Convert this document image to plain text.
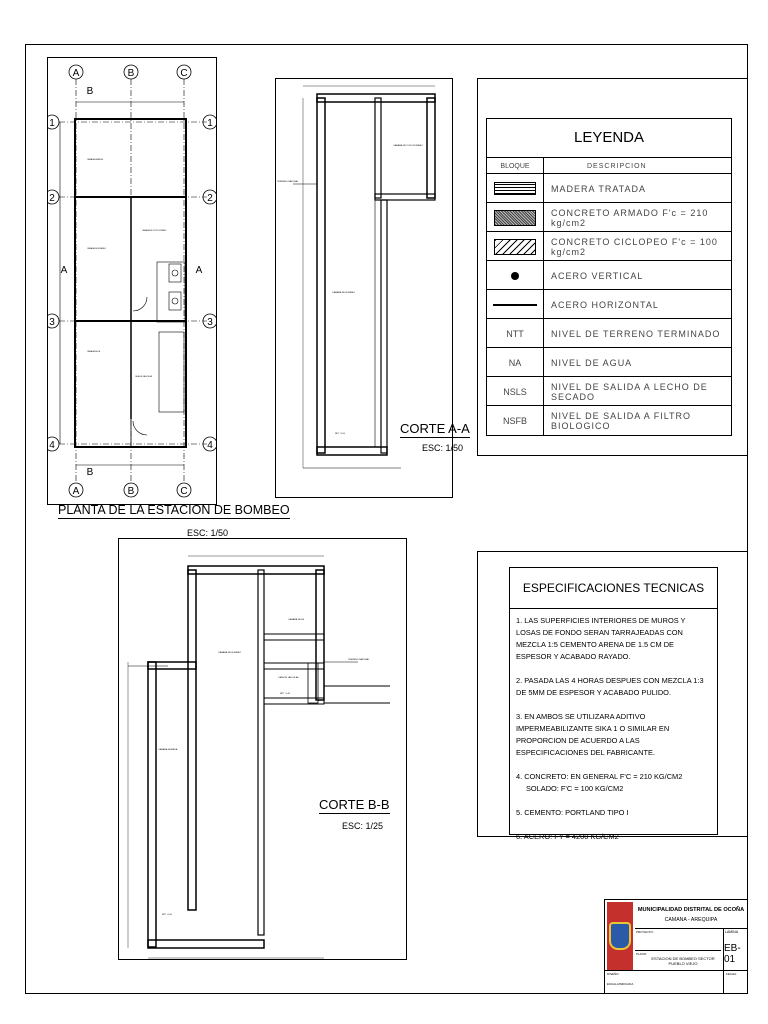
CAMARA HUMEDA
CAMARA DE BOMBEO
CAMARA SECA
CAJA DE VALVULAS
CAMARA DE POZO BOMBEO
A	B	C
A	B	C
1
2
3
4
1
2
3
4
A	A
B
B
PLANTA DE LA ESTACION DE BOMBEO
ESC: 1/50
CAMARA DE BOMBEO
CAMARA DE POZO BOMBEO
TERRENO NATURAL
NPT -2.00	CORTE A-A
ESC: 1/50
LEYENDA
BLOQUE	DESCRIPCION
MADERA TRATADA
CONCRETO ARMADO F'c = 210 kg/cm2
CONCRETO CICLOPEO F'c = 100 kg/cm2
ACERO VERTICAL
ACERO HORIZONTAL
NTT	NIVEL DE TERRENO TERMINADO
NA	NIVEL DE AGUA
NSLS	NIVEL DE SALIDA A LECHO DE SECADO
NSFB	NIVEL DE SALIDA A FILTRO BIOLOGICO
CAMARA HUMEDA
CAMARA DE BOMBEO
CAMARA SECA
CAJA DE VALVULAS
TERRENO NATURAL
NPT -2.00
NPT -1.40
CORTE B-B
ESC: 1/25
ESPECIFICACIONES TECNICAS

1. LAS SUPERFICIES INTERIORES DE MUROS Y LOSAS DE FONDO SERAN TARRAJEADAS CON MEZCLA 1:5 CEMENTO ARENA DE 1.5 CM DE ESPESOR Y ACABADO RAYADO.

2. PASADA LAS 4 HORAS DESPUES CON MEZCLA 1:3 DE 5MM DE ESPESOR Y ACABADO PULIDO.

3. EN AMBOS SE UTILIZARA ADITIVO IMPERMEABILIZANTE SIKA 1 O SIMILAR EN PROPORCION DE ACUERDO A LAS ESPECIFICACIONES DEL FABRICANTE.

4. CONCRETO: EN GENERAL F'C = 210 KG/CM2

SOLADO: F'C = 100 KG/CM2

5. CEMENTO: PORTLAND TIPO I

6. ACERO: FY = 4200 KG/CM2

MUNICIPALIDAD DISTRITAL DE OCOÑA
CAMANA - AREQUIPA
PROYECTO:	LAMINA
EB-01
PLANO:
ESTACION DE BOMBEO SECTOR PUEBLO VIEJO
DISEÑO:
ESCALA: INDICADA
FECHA:
